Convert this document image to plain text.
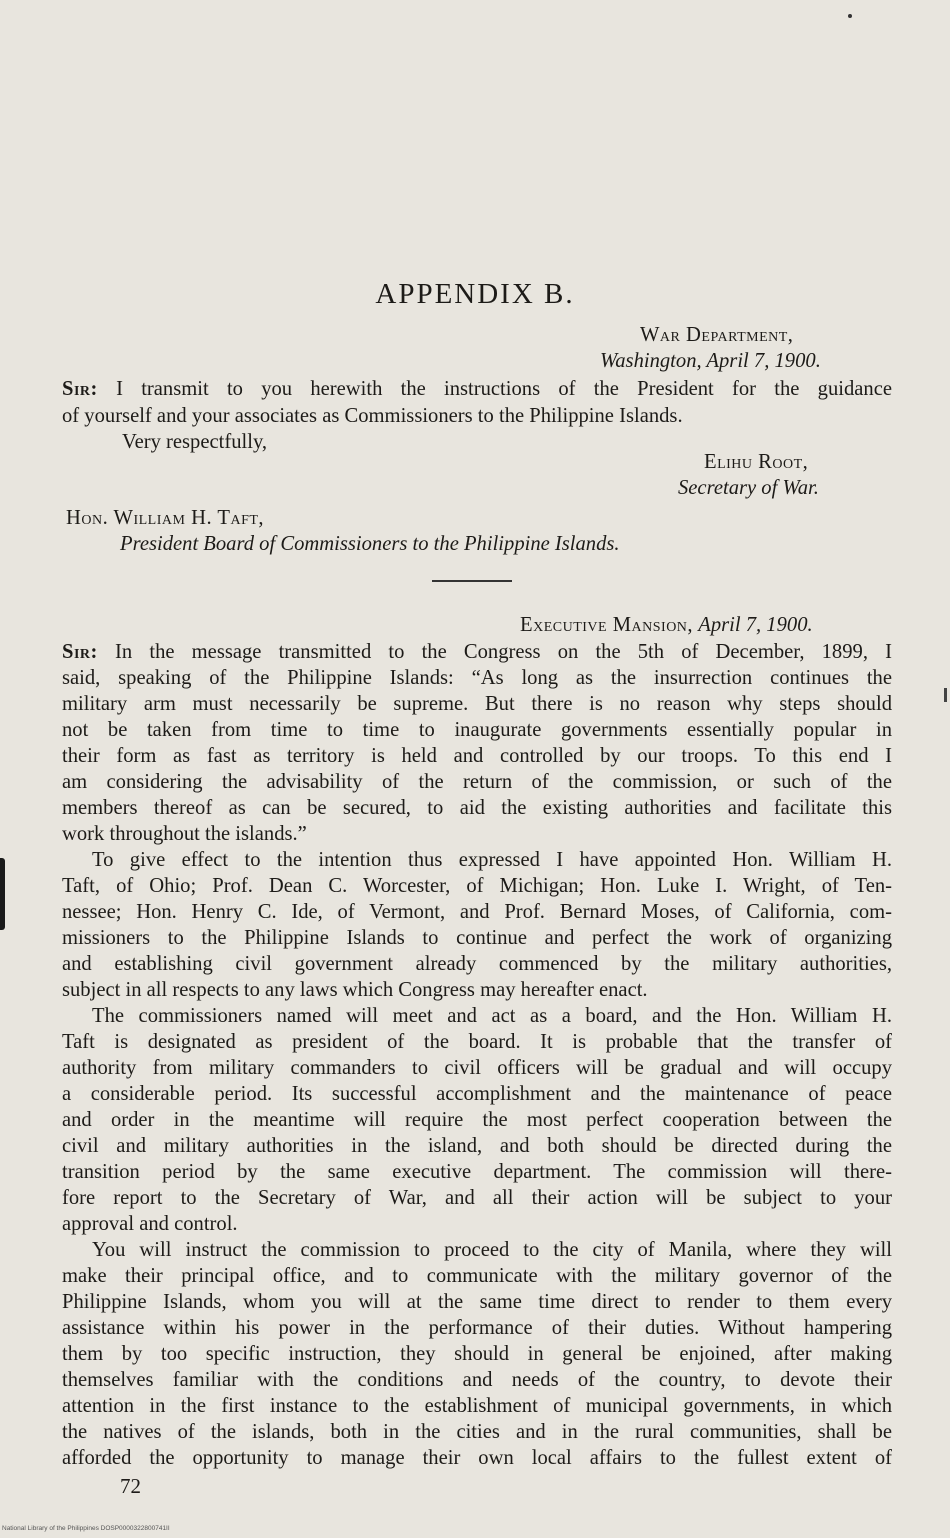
APPENDIX B.
War Department,
Washington, April 7, 1900.
Sir: I transmit to you herewith the instructions of the President for the guidance
of yourself and your associates as Commissioners to the Philippine Islands.
Very respectfully,
Elihu Root,
Secretary of War.
Hon. William H. Taft,
President Board of Commissioners to the Philippine Islands.
Executive Mansion, April 7, 1900.
Sir: In the message transmitted to the Congress on the 5th of December, 1899, I
said, speaking of the Philippine Islands: “As long as the insurrection continues the
military arm must necessarily be supreme. But there is no reason why steps should
not be taken from time to time to inaugurate governments essentially popular in
their form as fast as territory is held and controlled by our troops. To this end I
am considering the advisability of the return of the commission, or such of the
members thereof as can be secured, to aid the existing authorities and facilitate this
work throughout the islands.”
To give effect to the intention thus expressed I have appointed Hon. William H.
Taft, of Ohio; Prof. Dean C. Worcester, of Michigan; Hon. Luke I. Wright, of Ten-
nessee; Hon. Henry C. Ide, of Vermont, and Prof. Bernard Moses, of California, com-
missioners to the Philippine Islands to continue and perfect the work of organizing
and establishing civil government already commenced by the military authorities,
subject in all respects to any laws which Congress may hereafter enact.
The commissioners named will meet and act as a board, and the Hon. William H.
Taft is designated as president of the board. It is probable that the transfer of
authority from military commanders to civil officers will be gradual and will occupy
a considerable period. Its successful accomplishment and the maintenance of peace
and order in the meantime will require the most perfect cooperation between the
civil and military authorities in the island, and both should be directed during the
transition period by the same executive department. The commission will there-
fore report to the Secretary of War, and all their action will be subject to your
approval and control.
You will instruct the commission to proceed to the city of Manila, where they will
make their principal office, and to communicate with the military governor of the
Philippine Islands, whom you will at the same time direct to render to them every
assistance within his power in the performance of their duties. Without hampering
them by too specific instruction, they should in general be enjoined, after making
themselves familiar with the conditions and needs of the country, to devote their
attention in the first instance to the establishment of municipal governments, in which
the natives of the islands, both in the cities and in the rural communities, shall be
afforded the opportunity to manage their own local affairs to the fullest extent of
72
National Library of the Philippines DOSP0000322800741II
